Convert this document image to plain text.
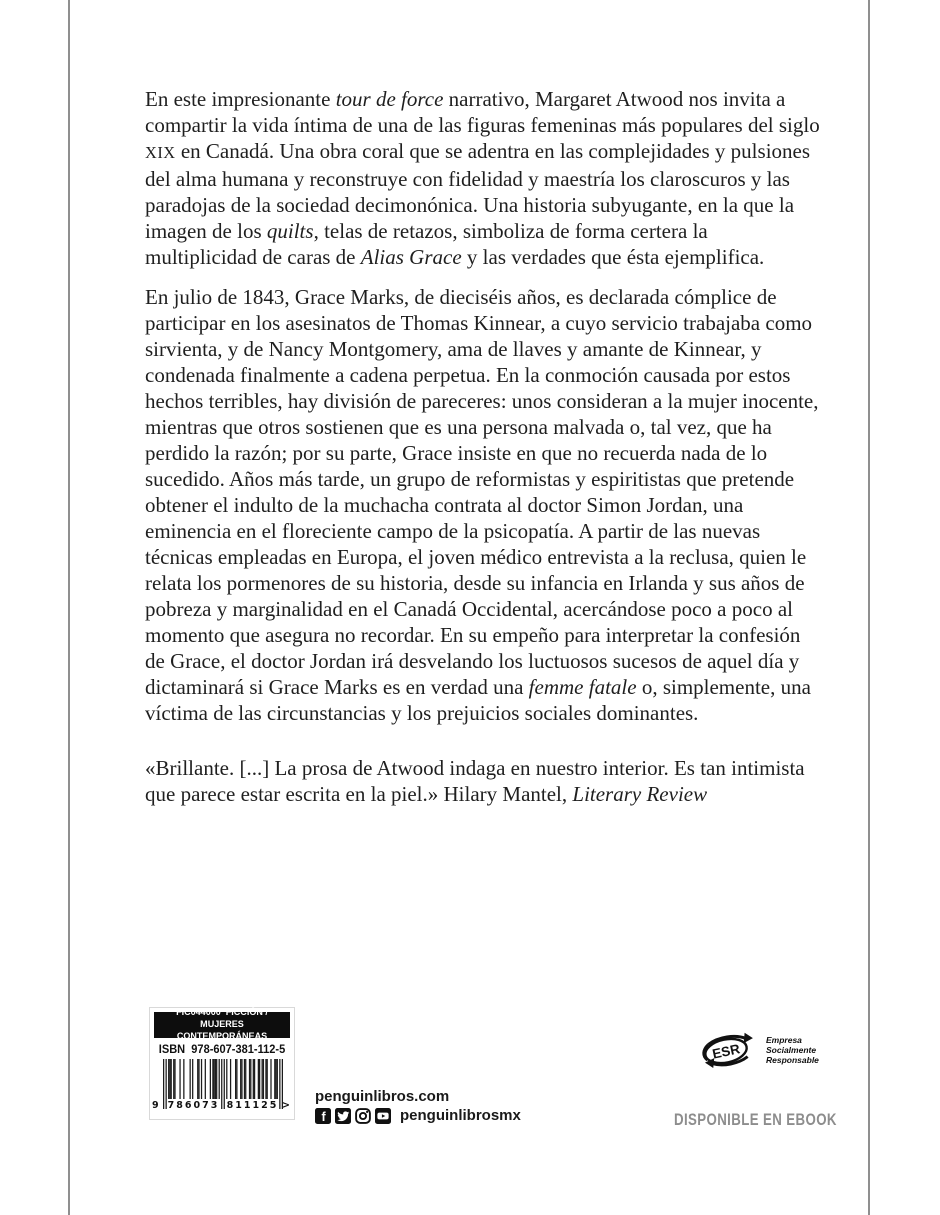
En este impresionante tour de force narrativo, Margaret Atwood nos invita a compartir la vida íntima de una de las figuras femeninas más populares del siglo XIX en Canadá. Una obra coral que se adentra en las complejidades y pulsiones del alma humana y reconstruye con fidelidad y maestría los claroscuros y las paradojas de la sociedad decimonónica. Una historia subyugante, en la que la imagen de los quilts, telas de retazos, simboliza de forma certera la multiplicidad de caras de Alias Grace y las verdades que ésta ejemplifica.

En julio de 1843, Grace Marks, de dieciséis años, es declarada cómplice de participar en los asesinatos de Thomas Kinnear, a cuyo servicio trabajaba como sirvienta, y de Nancy Montgomery, ama de llaves y amante de Kinnear, y condenada finalmente a cadena perpetua. En la conmoción causada por estos hechos terribles, hay división de pareceres: unos consideran a la mujer inocente, mientras que otros sostienen que es una persona malvada o, tal vez, que ha perdido la razón; por su parte, Grace insiste en que no recuerda nada de lo sucedido. Años más tarde, un grupo de reformistas y espiritistas que pretende obtener el indulto de la muchacha contrata al doctor Simon Jordan, una eminencia en el floreciente campo de la psicopatía. A partir de las nuevas técnicas empleadas en Europa, el joven médico entrevista a la reclusa, quien le relata los pormenores de su historia, desde su infancia en Irlanda y sus años de pobreza y marginalidad en el Canadá Occidental, acercándose poco a poco al momento que asegura no recordar. En su empeño para interpretar la confesión de Grace, el doctor Jordan irá desvelando los luctuosos sucesos de aquel día y dictaminará si Grace Marks es en verdad una femme fatale o, simplemente, una víctima de las circunstancias y los prejuicios sociales dominantes.

«Brillante. [...] La prosa de Atwood indaga en nuestro interior. Es tan intimista que parece estar escrita en la piel.» Hilary Mantel, Literary Review

FIC044000  FICCIÓN /
MUJERES CONTEMPORÁNEAS
ISBN 978-607-381-112-5
9 786073 811125 >
penguinlibros.com
f	penguinlibrosmx
ESR
Empresa
Socialmente
Responsable
DISPONIBLE EN EBOOK
